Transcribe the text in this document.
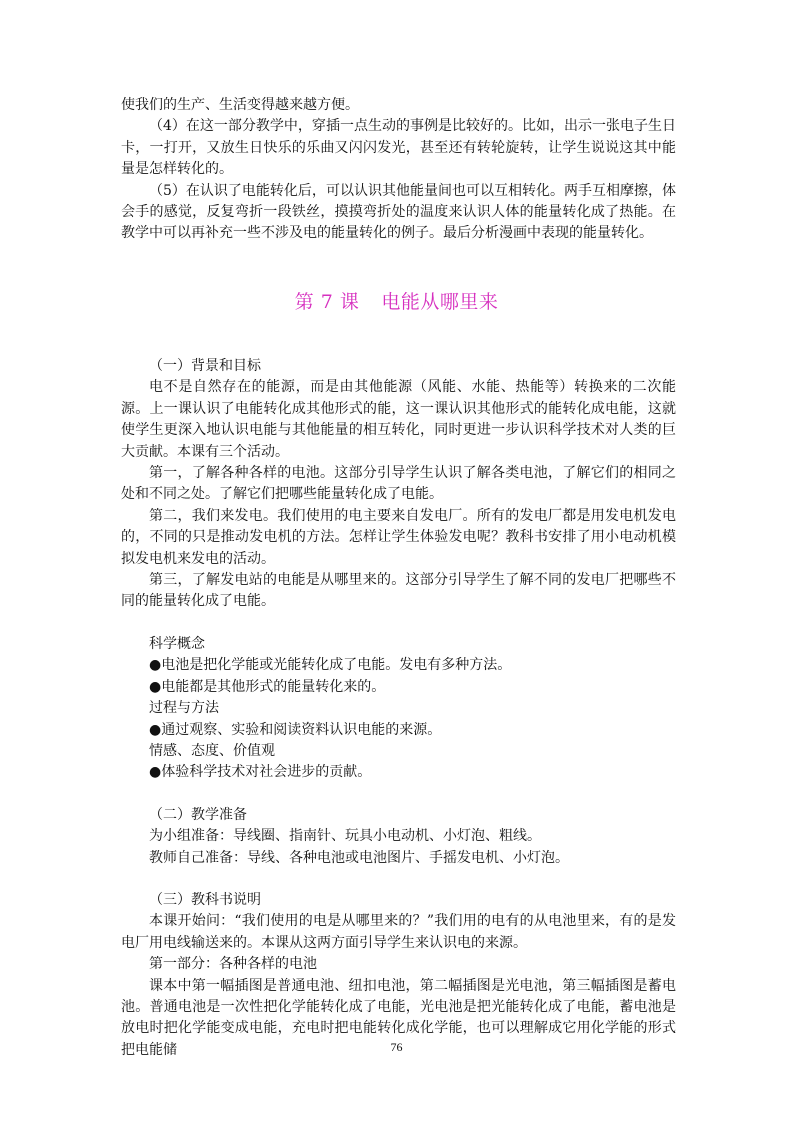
使我们的生产、生活变得越来越方便。

（4）在这一部分教学中，穿插一点生动的事例是比较好的。比如，出示一张电子生日卡，一打开，又放生日快乐的乐曲又闪闪发光，甚至还有转轮旋转，让学生说说这其中能量是怎样转化的。

（5）在认识了电能转化后，可以认识其他能量间也可以互相转化。两手互相摩擦，体会手的感觉，反复弯折一段铁丝，摸摸弯折处的温度来认识人体的能量转化成了热能。在教学中可以再补充一些不涉及电的能量转化的例子。最后分析漫画中表现的能量转化。

第 7 课 电能从哪里来

（一）背景和目标

电不是自然存在的能源，而是由其他能源（风能、水能、热能等）转换来的二次能源。上一课认识了电能转化成其他形式的能，这一课认识其他形式的能转化成电能，这就使学生更深入地认识电能与其他能量的相互转化，同时更进一步认识科学技术对人类的巨大贡献。本课有三个活动。

第一，了解各种各样的电池。这部分引导学生认识了解各类电池，了解它们的相同之处和不同之处。了解它们把哪些能量转化成了电能。

第二，我们来发电。我们使用的电主要来自发电厂。所有的发电厂都是用发电机发电的，不同的只是推动发电机的方法。怎样让学生体验发电呢？教科书安排了用小电动机模拟发电机来发电的活动。

第三，了解发电站的电能是从哪里来的。这部分引导学生了解不同的发电厂把哪些不同的能量转化成了电能。

科学概念

●电池是把化学能或光能转化成了电能。发电有多种方法。

●电能都是其他形式的能量转化来的。

过程与方法

●通过观察、实验和阅读资料认识电能的来源。

情感、态度、价值观

●体验科学技术对社会进步的贡献。

（二）教学准备

为小组准备：导线圈、指南针、玩具小电动机、小灯泡、粗线。

教师自己准备：导线、各种电池或电池图片、手摇发电机、小灯泡。

（三）教科书说明

本课开始问：“我们使用的电是从哪里来的？”我们用的电有的从电池里来，有的是发电厂用电线输送来的。本课从这两方面引导学生来认识电的来源。

第一部分：各种各样的电池

课本中第一幅插图是普通电池、纽扣电池，第二幅插图是光电池，第三幅插图是蓄电池。普通电池是一次性把化学能转化成了电能，光电池是把光能转化成了电能，蓄电池是放电时把化学能变成电能，充电时把电能转化成化学能，也可以理解成它用化学能的形式把电能储	76
